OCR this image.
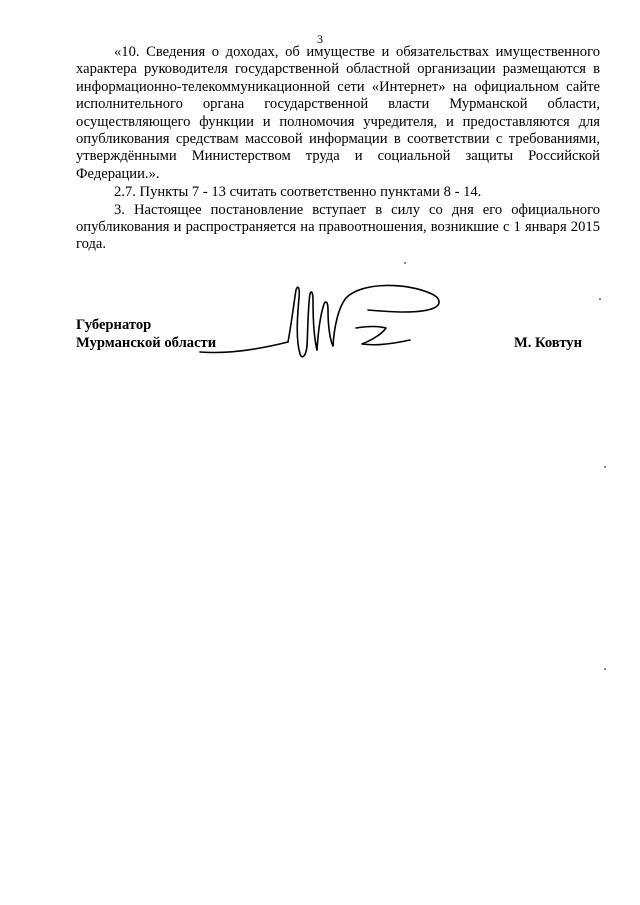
3

«10. Сведения о доходах, об имуществе и обязательствах имущественного характера руководителя государственной областной организации размещаются в информационно-телекоммуникационной сети «Интернет» на официальном сайте исполнительного органа государственной власти Мурманской области, осуществляющего функции и полномочия учредителя, и предоставляются для опубликования средствам массовой информации в соответствии с требованиями, утверждёнными Министерством труда и социальной защиты Российской Федерации.».

2.7. Пункты 7 - 13 считать соответственно пунктами 8 - 14.

3. Настоящее постановление вступает в силу со дня его официального опубликования и распространяется на правоотношения, возникшие с 1 января 2015 года.

Губернатор
Мурманской области	М. Ковтун
